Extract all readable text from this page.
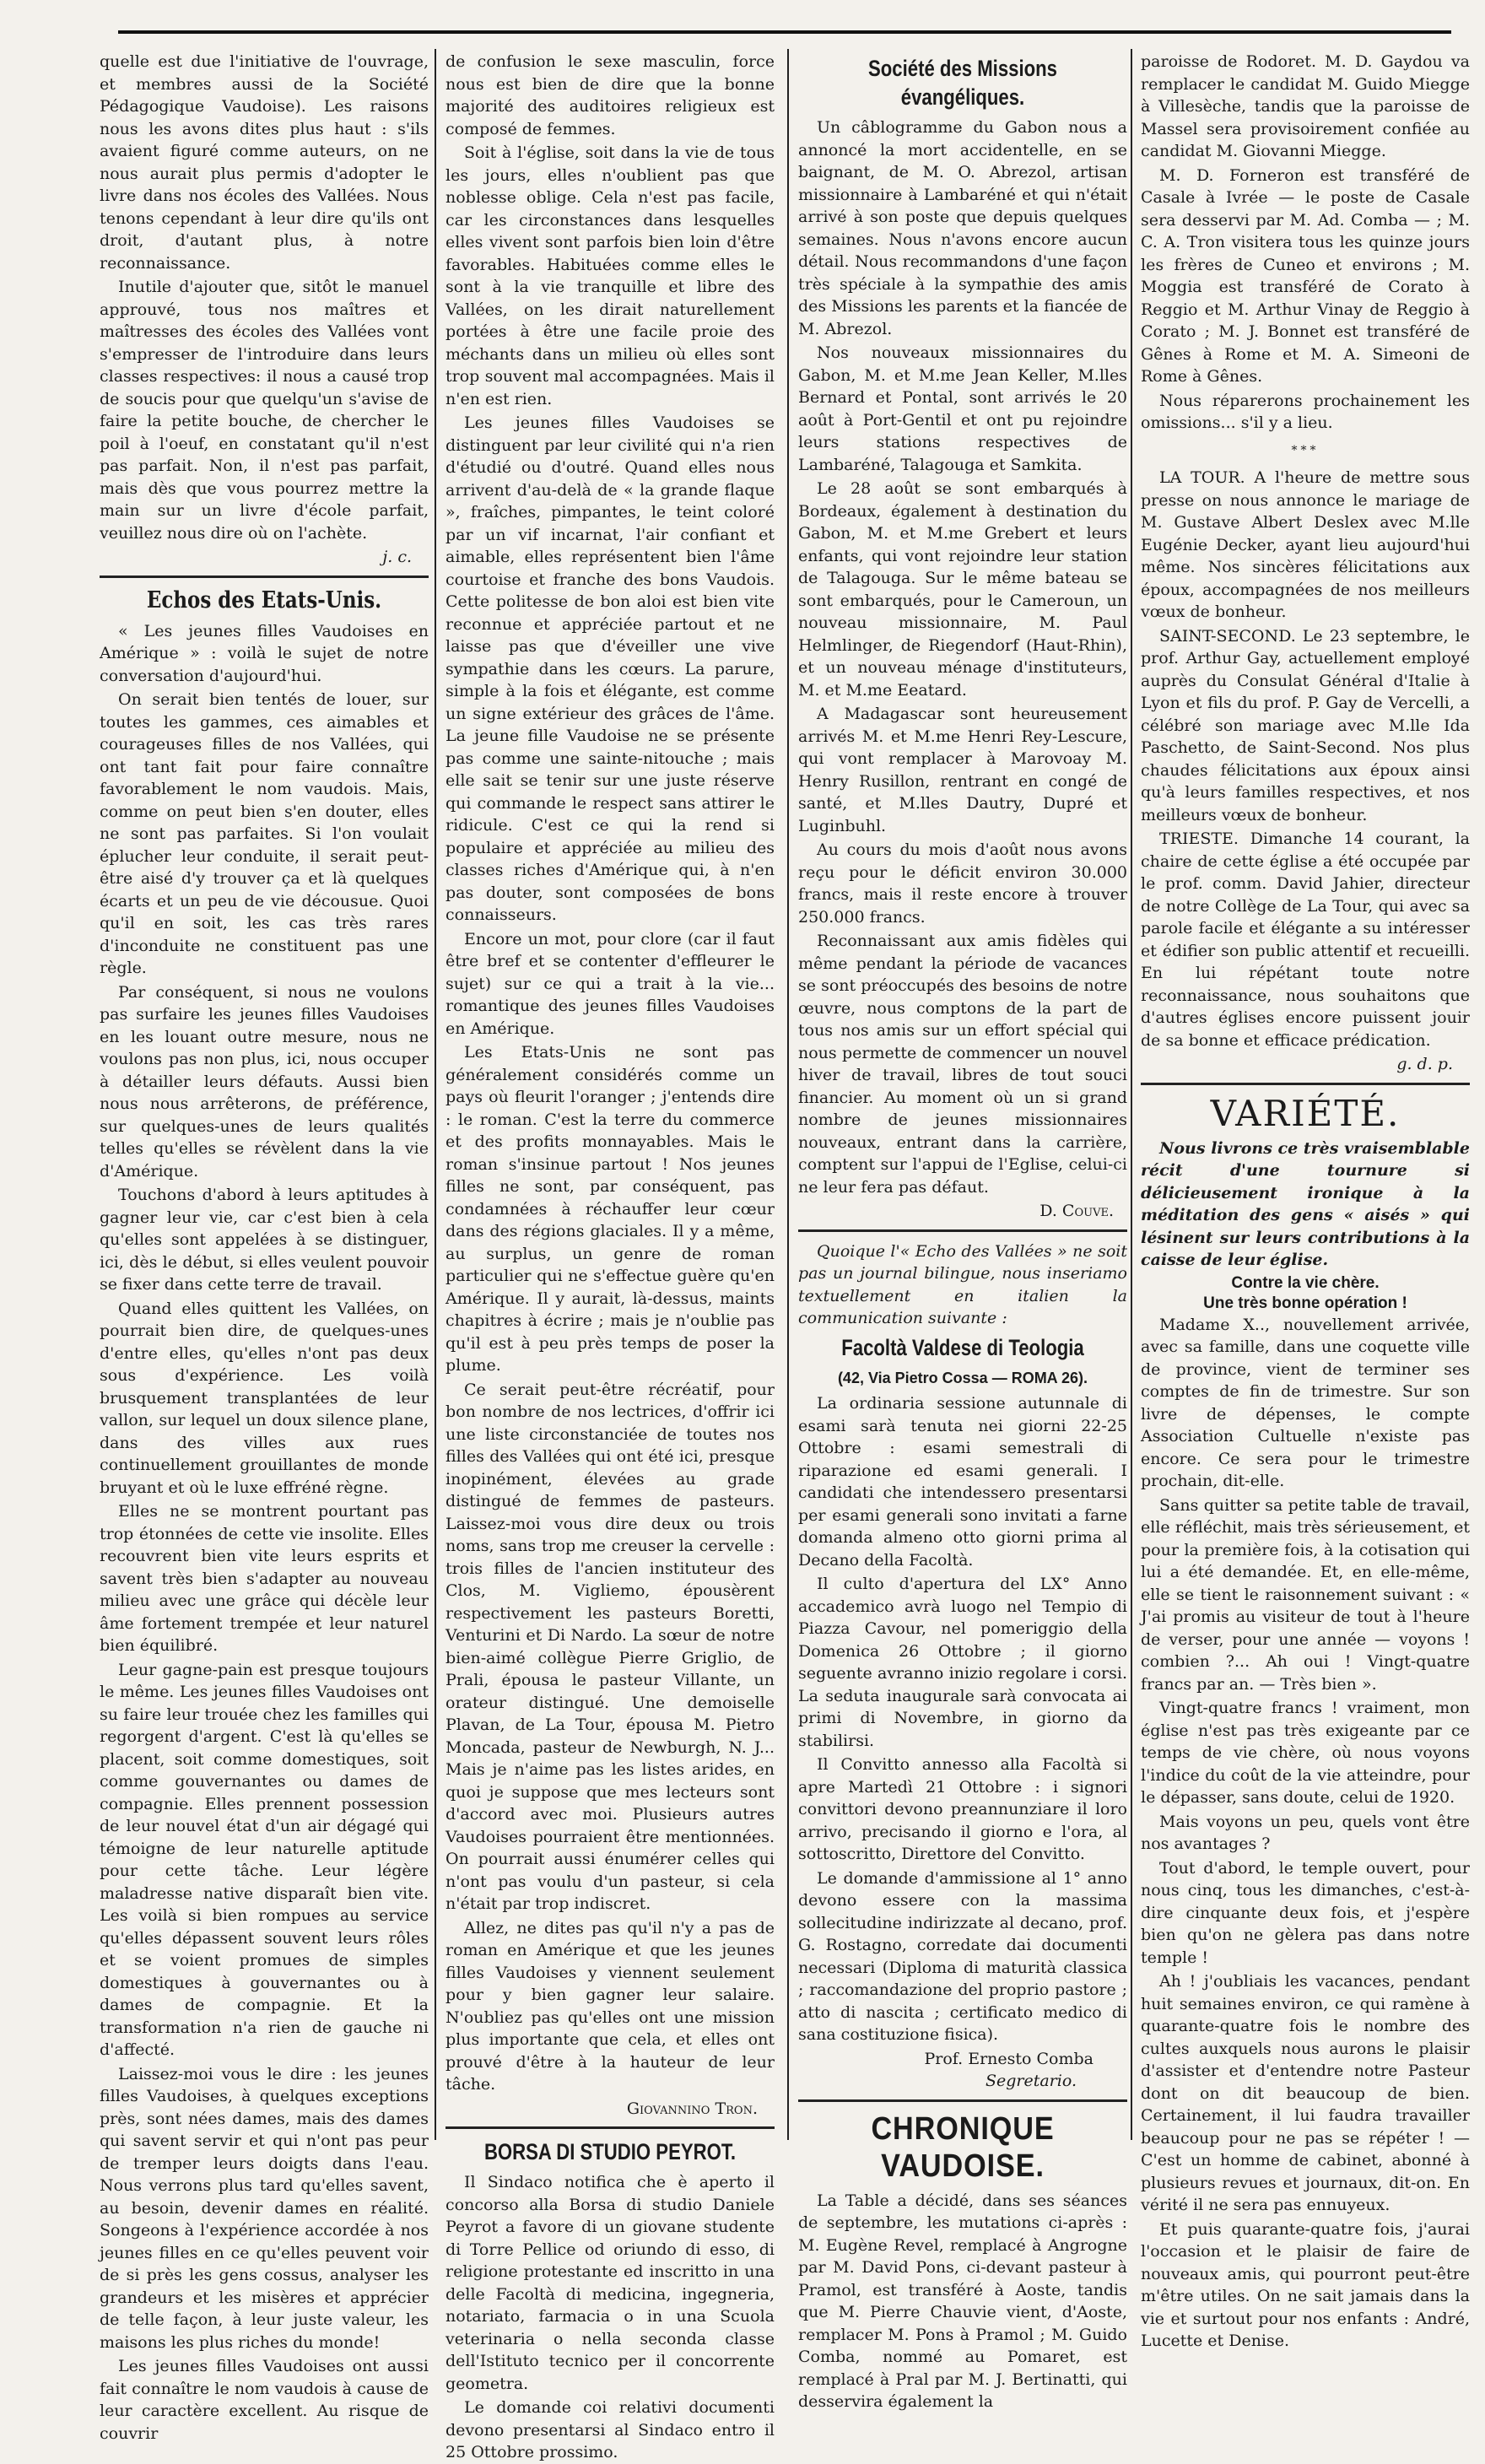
quelle est due l'initiative de l'ouvrage, et membres aussi de la Société Pédagogique Vaudoise). Les raisons nous les avons dites plus haut : s'ils avaient figuré comme auteurs, on ne nous aurait plus permis d'adopter le livre dans nos écoles des Vallées. Nous tenons cependant à leur dire qu'ils ont droit, d'autant plus, à notre reconnaissance.

Inutile d'ajouter que, sitôt le manuel approuvé, tous nos maîtres et maîtresses des écoles des Vallées vont s'empresser de l'introduire dans leurs classes respectives: il nous a causé trop de soucis pour que quelqu'un s'avise de faire la petite bouche, de chercher le poil à l'oeuf, en constatant qu'il n'est pas parfait. Non, il n'est pas parfait, mais dès que vous pourrez mettre la main sur un livre d'école parfait, veuillez nous dire où on l'achète.

j. c.
Echos des Etats-Unis.

« Les jeunes filles Vaudoises en Amérique » : voilà le sujet de notre conversation d'aujourd'hui.

On serait bien tentés de louer, sur toutes les gammes, ces aimables et courageuses filles de nos Vallées, qui ont tant fait pour faire connaître favorablement le nom vaudois. Mais, comme on peut bien s'en douter, elles ne sont pas parfaites. Si l'on voulait éplucher leur conduite, il serait peut-être aisé d'y trouver ça et là quelques écarts et un peu de vie décousue. Quoi qu'il en soit, les cas très rares d'inconduite ne constituent pas une règle.

Par conséquent, si nous ne voulons pas surfaire les jeunes filles Vaudoises en les louant outre mesure, nous ne voulons pas non plus, ici, nous occuper à détailler leurs défauts. Aussi bien nous nous arrêterons, de préférence, sur quelques-unes de leurs qualités telles qu'elles se révèlent dans la vie d'Amérique.

Touchons d'abord à leurs aptitudes à gagner leur vie, car c'est bien à cela qu'elles sont appelées à se distinguer, ici, dès le début, si elles veulent pouvoir se fixer dans cette terre de travail.

Quand elles quittent les Vallées, on pourrait bien dire, de quelques-unes d'entre elles, qu'elles n'ont pas deux sous d'expérience. Les voilà brusquement transplantées de leur vallon, sur lequel un doux silence plane, dans des villes aux rues continuellement grouillantes de monde bruyant et où le luxe effréné règne.

Elles ne se montrent pourtant pas trop étonnées de cette vie insolite. Elles recouvrent bien vite leurs esprits et savent très bien s'adapter au nouveau milieu avec une grâce qui décèle leur âme fortement trempée et leur naturel bien équilibré.

Leur gagne-pain est presque toujours le même. Les jeunes filles Vaudoises ont su faire leur trouée chez les familles qui regorgent d'argent. C'est là qu'elles se placent, soit comme domestiques, soit comme gouvernantes ou dames de compagnie. Elles prennent possession de leur nouvel état d'un air dégagé qui témoigne de leur naturelle aptitude pour cette tâche. Leur légère maladresse native disparaît bien vite. Les voilà si bien rompues au service qu'elles dépassent souvent leurs rôles et se voient promues de simples domestiques à gouvernantes ou à dames de compagnie. Et la transformation n'a rien de gauche ni d'affecté.

Laissez-moi vous le dire : les jeunes filles Vaudoises, à quelques exceptions près, sont nées dames, mais des dames qui savent servir et qui n'ont pas peur de tremper leurs doigts dans l'eau. Nous verrons plus tard qu'elles savent, au besoin, devenir dames en réalité. Songeons à l'expérience accordée à nos jeunes filles en ce qu'elles peuvent voir de si près les gens cossus, analyser les grandeurs et les misères et apprécier de telle façon, à leur juste valeur, les maisons les plus riches du monde!

Les jeunes filles Vaudoises ont aussi fait connaître le nom vaudois à cause de leur caractère excellent. Au risque de couvrir

de confusion le sexe masculin, force nous est bien de dire que la bonne majorité des auditoires religieux est composé de femmes.

Soit à l'église, soit dans la vie de tous les jours, elles n'oublient pas que noblesse oblige. Cela n'est pas facile, car les circonstances dans lesquelles elles vivent sont parfois bien loin d'être favorables. Habituées comme elles le sont à la vie tranquille et libre des Vallées, on les dirait naturellement portées à être une facile proie des méchants dans un milieu où elles sont trop souvent mal accompagnées. Mais il n'en est rien.

Les jeunes filles Vaudoises se distinguent par leur civilité qui n'a rien d'étudié ou d'outré. Quand elles nous arrivent d'au-delà de « la grande flaque », fraîches, pimpantes, le teint coloré par un vif incarnat, l'air confiant et aimable, elles représentent bien l'âme courtoise et franche des bons Vaudois. Cette politesse de bon aloi est bien vite reconnue et appréciée partout et ne laisse pas que d'éveiller une vive sympathie dans les cœurs. La parure, simple à la fois et élégante, est comme un signe extérieur des grâces de l'âme. La jeune fille Vaudoise ne se présente pas comme une sainte-nitouche ; mais elle sait se tenir sur une juste réserve qui commande le respect sans attirer le ridicule. C'est ce qui la rend si populaire et appréciée au milieu des classes riches d'Amérique qui, à n'en pas douter, sont composées de bons connaisseurs.

Encore un mot, pour clore (car il faut être bref et se contenter d'effleurer le sujet) sur ce qui a trait à la vie... romantique des jeunes filles Vaudoises en Amérique.

Les Etats-Unis ne sont pas généralement considérés comme un pays où fleurit l'oranger ; j'entends dire : le roman. C'est la terre du commerce et des profits monnayables. Mais le roman s'insinue partout ! Nos jeunes filles ne sont, par conséquent, pas condamnées à réchauffer leur cœur dans des régions glaciales. Il y a même, au surplus, un genre de roman particulier qui ne s'effectue guère qu'en Amérique. Il y aurait, là-dessus, maints chapitres à écrire ; mais je n'oublie pas qu'il est à peu près temps de poser la plume.

Ce serait peut-être récréatif, pour bon nombre de nos lectrices, d'offrir ici une liste circonstanciée de toutes nos filles des Vallées qui ont été ici, presque inopinément, élevées au grade distingué de femmes de pasteurs. Laissez-moi vous dire deux ou trois noms, sans trop me creuser la cervelle : trois filles de l'ancien instituteur des Clos, M. Vigliemo, épousèrent respectivement les pasteurs Boretti, Venturini et Di Nardo. La sœur de notre bien-aimé collègue Pierre Griglio, de Prali, épousa le pasteur Villante, un orateur distingué. Une demoiselle Plavan, de La Tour, épousa M. Pietro Moncada, pasteur de Newburgh, N. J... Mais je n'aime pas les listes arides, en quoi je suppose que mes lecteurs sont d'accord avec moi. Plusieurs autres Vaudoises pourraient être mentionnées. On pourrait aussi énumérer celles qui n'ont pas voulu d'un pasteur, si cela n'était par trop indiscret.

Allez, ne dites pas qu'il n'y a pas de roman en Amérique et que les jeunes filles Vaudoises y viennent seulement pour y bien gagner leur salaire. N'oubliez pas qu'elles ont une mission plus importante que cela, et elles ont prouvé d'être à la hauteur de leur tâche.

Giovannino Tron.
BORSA DI STUDIO PEYROT.

Il Sindaco notifica che è aperto il concorso alla Borsa di studio Daniele Peyrot a favore di un giovane studente di Torre Pellice od oriundo di esso, di religione protestante ed inscritto in una delle Facoltà di medicina, ingegneria, notariato, farmacia o in una Scuola veterinaria o nella seconda classe dell'Istituto tecnico per il concorrente geometra.

Le domande coi relativi documenti devono presentarsi al Sindaco entro il 25 Ottobre prossimo.

Société des Missions évangéliques.

Un câblogramme du Gabon nous a annoncé la mort accidentelle, en se baignant, de M. O. Abrezol, artisan missionnaire à Lambaréné et qui n'était arrivé à son poste que depuis quelques semaines. Nous n'avons encore aucun détail. Nous recommandons d'une façon très spéciale à la sympathie des amis des Missions les parents et la fiancée de M. Abrezol.

Nos nouveaux missionnaires du Gabon, M. et M.me Jean Keller, M.lles Bernard et Pontal, sont arrivés le 20 août à Port-Gentil et ont pu rejoindre leurs stations respectives de Lambaréné, Talagouga et Samkita.

Le 28 août se sont embarqués à Bordeaux, également à destination du Gabon, M. et M.me Grebert et leurs enfants, qui vont rejoindre leur station de Talagouga. Sur le même bateau se sont embarqués, pour le Cameroun, un nouveau missionnaire, M. Paul Helmlinger, de Riegendorf (Haut-Rhin), et un nouveau ménage d'instituteurs, M. et M.me Eeatard.

A Madagascar sont heureusement arrivés M. et M.me Henri Rey-Lescure, qui vont remplacer à Marovoay M. Henry Rusillon, rentrant en congé de santé, et M.lles Dautry, Dupré et Luginbuhl.

Au cours du mois d'août nous avons reçu pour le déficit environ 30.000 francs, mais il reste encore à trouver 250.000 francs.

Reconnaissant aux amis fidèles qui même pendant la période de vacances se sont préoccupés des besoins de notre œuvre, nous comptons de la part de tous nos amis sur un effort spécial qui nous permette de commencer un nouvel hiver de travail, libres de tout souci financier. Au moment où un si grand nombre de jeunes missionnaires nouveaux, entrant dans la carrière, comptent sur l'appui de l'Eglise, celui-ci ne leur fera pas défaut.

D. Couve.

Quoique l'« Echo des Vallées » ne soit pas un journal bilingue, nous inseriamo textuellement en italien la communication suivante :

Facoltà Valdese di Teologia
(42, Via Pietro Cossa — ROMA 26).

La ordinaria sessione autunnale di esami sarà tenuta nei giorni 22-25 Ottobre : esami semestrali di riparazione ed esami generali. I candidati che intendessero presentarsi per esami generali sono invitati a farne domanda almeno otto giorni prima al Decano della Facoltà.

Il culto d'apertura del LX° Anno accademico avrà luogo nel Tempio di Piazza Cavour, nel pomeriggio della Domenica 26 Ottobre ; il giorno seguente avranno inizio regolare i corsi. La seduta inaugurale sarà convocata ai primi di Novembre, in giorno da stabilirsi.

Il Convitto annesso alla Facoltà si apre Martedì 21 Ottobre : i signori convittori devono preannunziare il loro arrivo, precisando il giorno e l'ora, al sottoscritto, Direttore del Convitto.

Le domande d'ammissione al 1° anno devono essere con la massima sollecitudine indirizzate al decano, prof. G. Rostagno, corredate dai documenti necessari (Diploma di maturità classica ; raccomandazione del proprio pastore ; atto di nascita ; certificato medico di sana costituzione fisica).

Prof. Ernesto Comba
Segretario.
CHRONIQUE VAUDOISE.

La Table a décidé, dans ses séances de septembre, les mutations ci-après : M. Eugène Revel, remplacé à Angrogne par M. David Pons, ci-devant pasteur à Pramol, est transféré à Aoste, tandis que M. Pierre Chauvie vient, d'Aoste, remplacer M. Pons à Pramol ; M. Guido Comba, nommé au Pomaret, est remplacé à Pral par M. J. Bertinatti, qui desservira également la

paroisse de Rodoret. M. D. Gaydou va remplacer le candidat M. Guido Miegge à Villesèche, tandis que la paroisse de Massel sera provisoirement confiée au candidat M. Giovanni Miegge.

M. D. Forneron est transféré de Casale à Ivrée — le poste de Casale sera desservi par M. Ad. Comba — ; M. C. A. Tron visitera tous les quinze jours les frères de Cuneo et environs ; M. Moggia est transféré de Corato à Reggio et M. Arthur Vinay de Reggio à Corato ; M. J. Bonnet est transféré de Gênes à Rome et M. A. Simeoni de Rome à Gênes.

Nous réparerons prochainement les omissions... s'il y a lieu.

***

LA TOUR. A l'heure de mettre sous presse on nous annonce le mariage de M. Gustave Albert Deslex avec M.lle Eugénie Decker, ayant lieu aujourd'hui même. Nos sincères félicitations aux époux, accompagnées de nos meilleurs vœux de bonheur.

SAINT-SECOND. Le 23 septembre, le prof. Arthur Gay, actuellement employé auprès du Consulat Général d'Italie à Lyon et fils du prof. P. Gay de Vercelli, a célébré son mariage avec M.lle Ida Paschetto, de Saint-Second. Nos plus chaudes félicitations aux époux ainsi qu'à leurs familles respectives, et nos meilleurs vœux de bonheur.

TRIESTE. Dimanche 14 courant, la chaire de cette église a été occupée par le prof. comm. David Jahier, directeur de notre Collège de La Tour, qui avec sa parole facile et élégante a su intéresser et édifier son public attentif et recueilli. En lui répétant toute notre reconnaissance, nous souhaitons que d'autres églises encore puissent jouir de sa bonne et efficace prédication.

g. d. p.
VARIÉTÉ.

Nous livrons ce très vraisemblable récit d'une tournure si délicieusement ironique à la méditation des gens « aisés » qui lésinent sur leurs contributions à la caisse de leur église.

Contre la vie chère.
Une très bonne opération !

Madame X.., nouvellement arrivée, avec sa famille, dans une coquette ville de province, vient de terminer ses comptes de fin de trimestre. Sur son livre de dépenses, le compte Association Cultuelle n'existe pas encore. Ce sera pour le trimestre prochain, dit-elle.

Sans quitter sa petite table de travail, elle réfléchit, mais très sérieusement, et pour la première fois, à la cotisation qui lui a été demandée. Et, en elle-même, elle se tient le raisonnement suivant : « J'ai promis au visiteur de tout à l'heure de verser, pour une année — voyons ! combien ?... Ah oui ! Vingt-quatre francs par an. — Très bien ».

Vingt-quatre francs ! vraiment, mon église n'est pas très exigeante par ce temps de vie chère, où nous voyons l'indice du coût de la vie atteindre, pour le dépasser, sans doute, celui de 1920.

Mais voyons un peu, quels vont être nos avantages ?

Tout d'abord, le temple ouvert, pour nous cinq, tous les dimanches, c'est-à-dire cinquante deux fois, et j'espère bien qu'on ne gèlera pas dans notre temple !

Ah ! j'oubliais les vacances, pendant huit semaines environ, ce qui ramène à quarante-quatre fois le nombre des cultes auxquels nous aurons le plaisir d'assister et d'entendre notre Pasteur dont on dit beaucoup de bien. Certainement, il lui faudra travailler beaucoup pour ne pas se répéter ! — C'est un homme de cabinet, abonné à plusieurs revues et journaux, dit-on. En vérité il ne sera pas ennuyeux.

Et puis quarante-quatre fois, j'aurai l'occasion et le plaisir de faire de nouveaux amis, qui pourront peut-être m'être utiles. On ne sait jamais dans la vie et surtout pour nos enfants : André, Lucette et Denise.
